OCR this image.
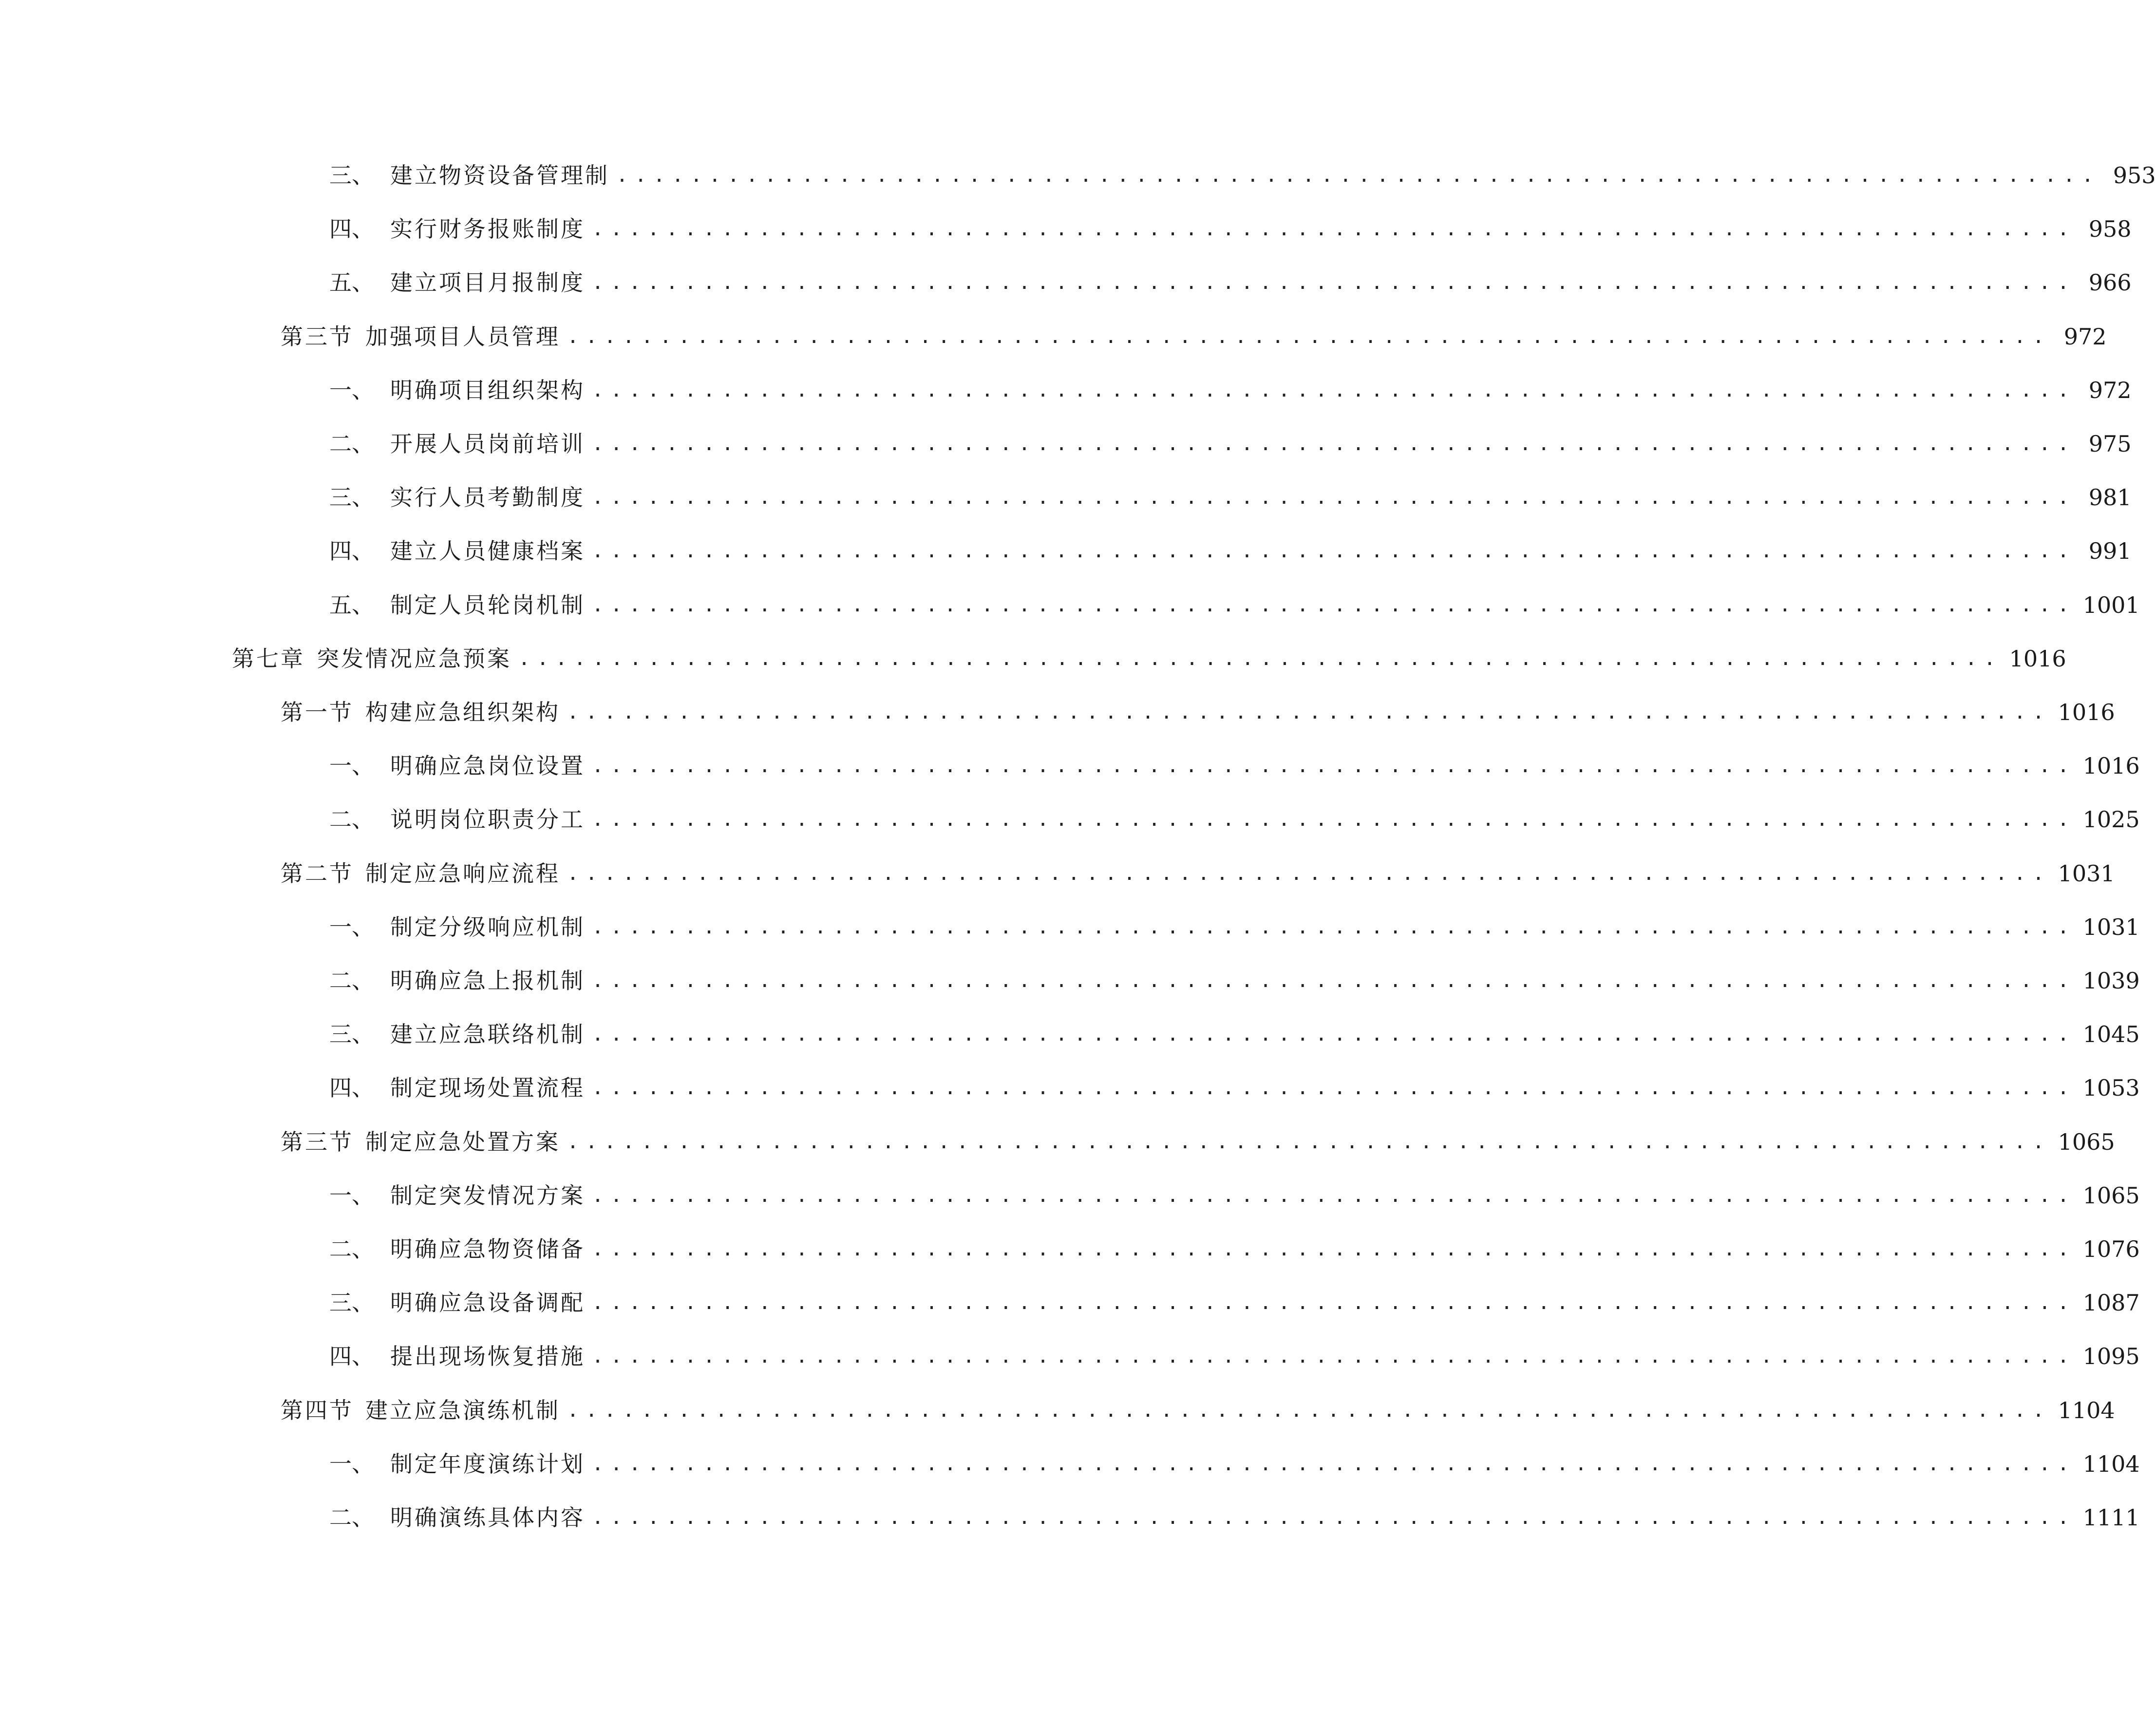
三、 建立物资设备管理制 ................................................................................ 953
四、 实行财务报账制度 ................................................................................ 958
五、 建立项目月报制度 ................................................................................ 966
第三节 加强项目人员管理 ................................................................................ 972
一、 明确项目组织架构 ................................................................................ 972
二、 开展人员岗前培训 ................................................................................ 975
三、 实行人员考勤制度 ................................................................................ 981
四、 建立人员健康档案 ................................................................................ 991
五、 制定人员轮岗机制 ................................................................................ 1001
第七章 突发情况应急预案 ................................................................................ 1016
第一节 构建应急组织架构 ................................................................................ 1016
一、 明确应急岗位设置 ................................................................................ 1016
二、 说明岗位职责分工 ................................................................................ 1025
第二节 制定应急响应流程 ................................................................................ 1031
一、 制定分级响应机制 ................................................................................ 1031
二、 明确应急上报机制 ................................................................................ 1039
三、 建立应急联络机制 ................................................................................ 1045
四、 制定现场处置流程 ................................................................................ 1053
第三节 制定应急处置方案 ................................................................................ 1065
一、 制定突发情况方案 ................................................................................ 1065
二、 明确应急物资储备 ................................................................................ 1076
三、 明确应急设备调配 ................................................................................ 1087
四、 提出现场恢复措施 ................................................................................ 1095
第四节 建立应急演练机制 ................................................................................ 1104
一、 制定年度演练计划 ................................................................................ 1104
二、 明确演练具体内容 ................................................................................ 1111
